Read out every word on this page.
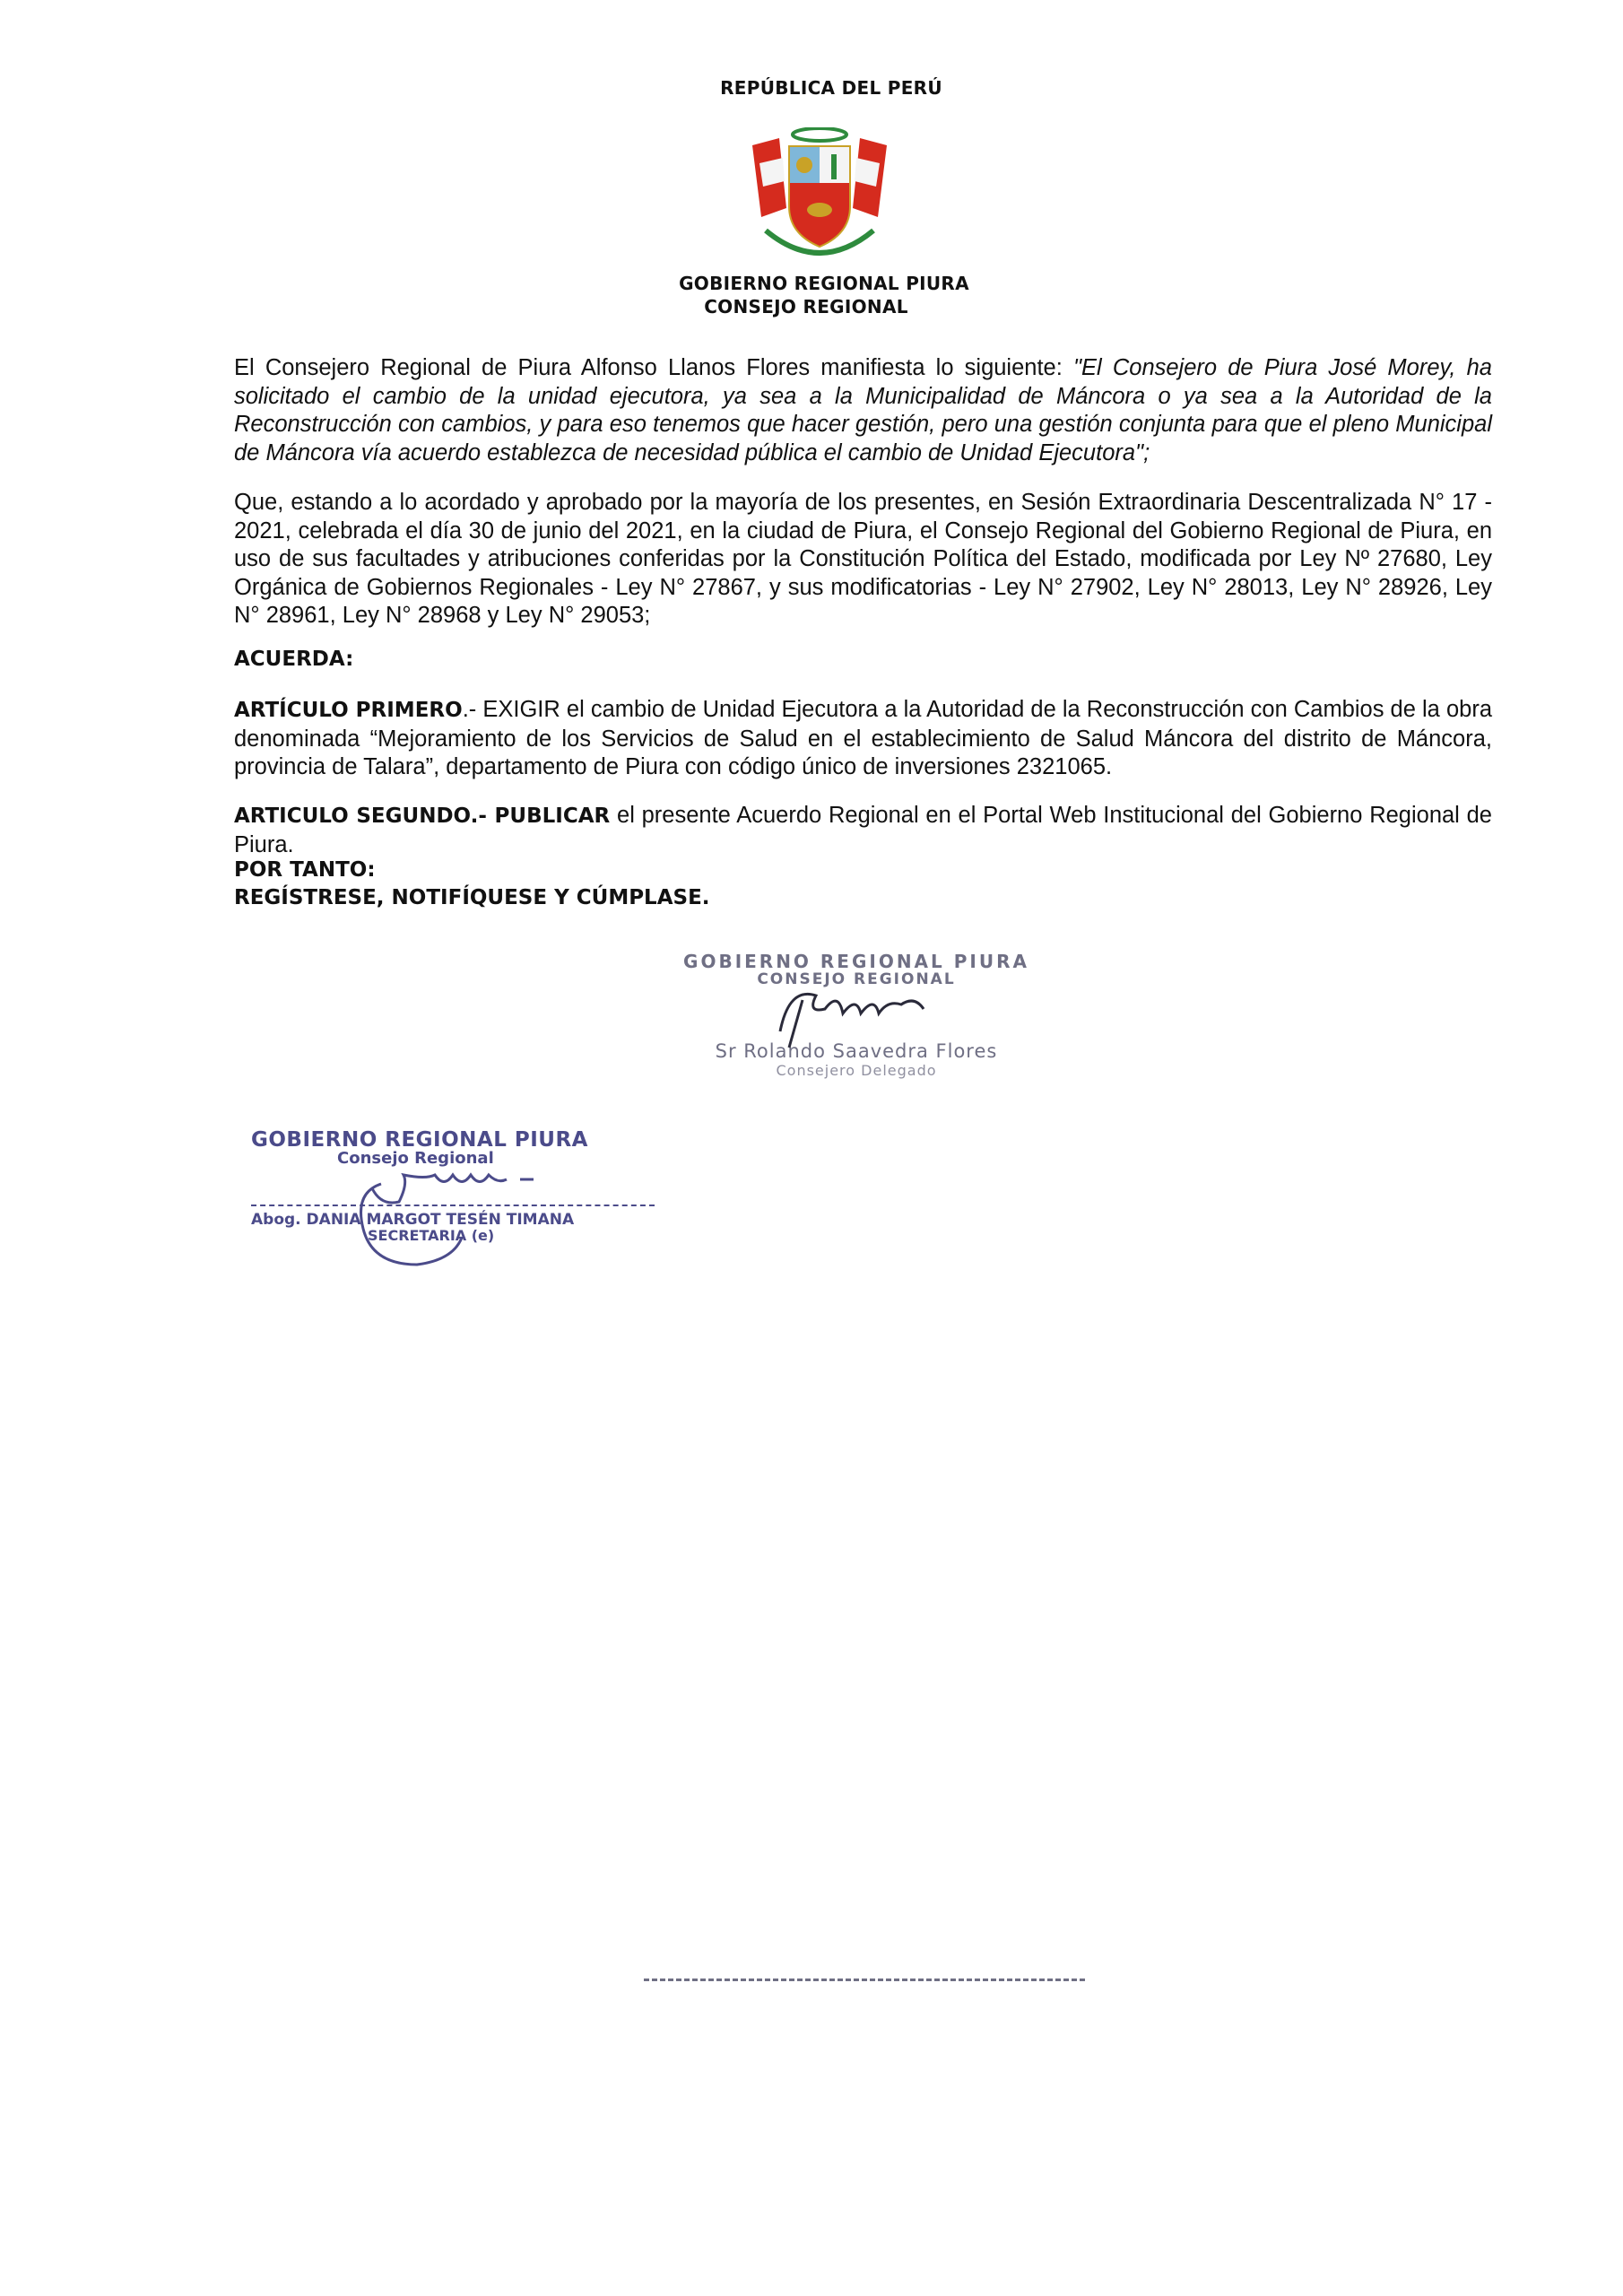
REPÚBLICA DEL PERÚ
GOBIERNO REGIONAL PIURA
CONSEJO REGIONAL

El Consejero Regional de Piura Alfonso Llanos Flores manifiesta lo siguiente: "El Consejero de Piura José Morey, ha solicitado el cambio de la unidad ejecutora, ya sea a la Municipalidad de Máncora o ya sea a la Autoridad de la Reconstrucción con cambios, y para eso tenemos que hacer gestión, pero una gestión conjunta para que el pleno Municipal de Máncora vía acuerdo establezca de necesidad pública el cambio de Unidad Ejecutora";

Que, estando a lo acordado y aprobado por la mayoría de los presentes, en Sesión Extraordinaria Descentralizada N° 17 - 2021, celebrada el día 30 de junio del 2021, en la ciudad de Piura, el Consejo Regional del Gobierno Regional de Piura, en uso de sus facultades y atribuciones conferidas por la Constitución Política del Estado, modificada por Ley Nº 27680, Ley Orgánica de Gobiernos Regionales - Ley N° 27867, y sus modificatorias - Ley N° 27902, Ley N° 28013, Ley N° 28926, Ley N° 28961, Ley N° 28968 y Ley N° 29053;

ACUERDA:

ARTÍCULO PRIMERO.- EXIGIR el cambio de Unidad Ejecutora a la Autoridad de la Reconstrucción con Cambios de la obra denominada “Mejoramiento de los Servicios de Salud en el establecimiento de Salud Máncora del distrito de Máncora, provincia de Talara”, departamento de Piura con código único de inversiones 2321065.

ARTICULO SEGUNDO.- PUBLICAR el presente Acuerdo Regional en el Portal Web Institucional del Gobierno Regional de Piura.

POR TANTO:
REGÍSTRESE, NOTIFÍQUESE Y CÚMPLASE.
GOBIERNO REGIONAL PIURA
CONSEJO REGIONAL
Sr Rolando Saavedra Flores
Consejero Delegado
GOBIERNO REGIONAL PIURA
Consejo Regional
Abog. DANIA MARGOT TESÉN TIMANA
SECRETARIA (e)
